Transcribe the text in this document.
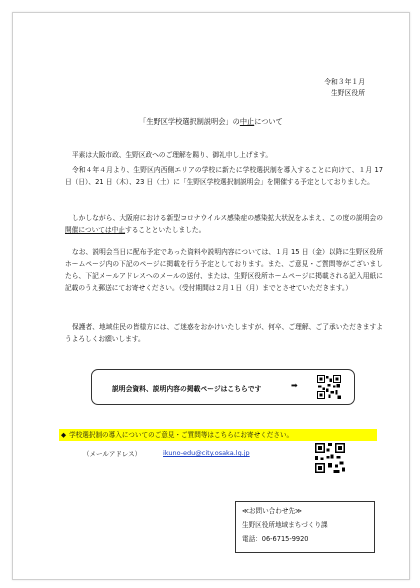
令和３年１月
生野区役所
「生野区学校選択制説明会」の中止について
平素は大阪市政、生野区政へのご理解を賜り、御礼申し上げます。
令和４年４月より、生野区内西側エリアの学校に新たに学校選択制を導入することに向けて、１月 17 日（日）、21 日（木）、23 日（土）に「生野区学校選択制説明会」を開催する予定としておりました。
しかしながら、大阪府における新型コロナウイルス感染症の感染拡大状況をふまえ、この度の説明会の開催については中止することといたしました。
なお、説明会当日に配布予定であった資料や説明内容については、１月 15 日（金）以降に生野区役所ホームページ内の下記のページに掲載を行う予定としております。また、ご意見・ご質問等がございましたら、下記メールアドレスへのメールの送付、または、生野区役所ホームページに掲載される記入用紙に記載のうえ郵送にてお寄せください。（受付期間は２月１日（月）までとさせていただきます。）
保護者、地域住民の皆様方には、ご迷惑をおかけいたしますが、何卒、ご理解、ご了承いただきますようよろしくお願いします。
説明会資料、説明内容の掲載ページはこちらです	➡
◆ 学校選択制の導入についてのご意見・ご質問等はこちらにお寄せください。
（メールアドレス）	ikuno-edu@city.osaka.lg.jp
≪お問い合わせ先≫
生野区役所地域まちづくり課
電話：06-6715-9920
